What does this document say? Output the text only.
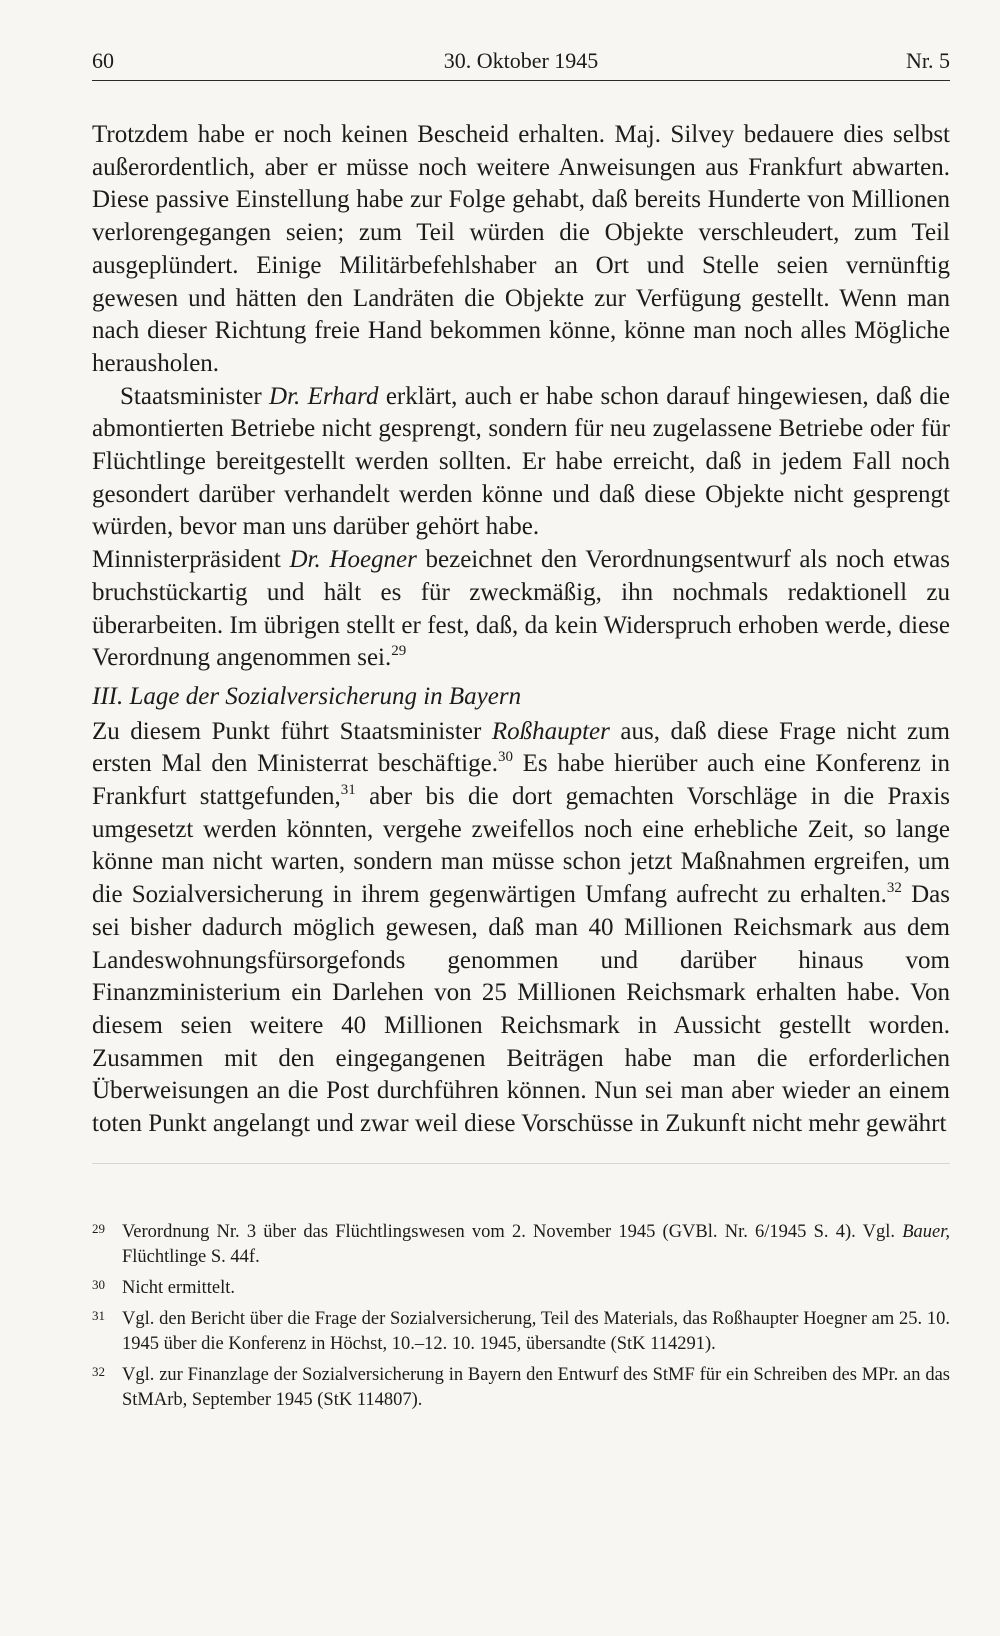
60	30. Oktober 1945	Nr. 5

Trotzdem habe er noch keinen Bescheid erhalten. Maj. Silvey bedauere dies selbst außerordentlich, aber er müsse noch weitere Anweisungen aus Frankfurt abwarten. Diese passive Einstellung habe zur Folge gehabt, daß bereits Hunderte von Millionen verlorengegangen seien; zum Teil würden die Objekte verschleudert, zum Teil ausgeplündert. Einige Militärbefehlshaber an Ort und Stelle seien vernünftig gewesen und hätten den Landräten die Objekte zur Verfügung gestellt. Wenn man nach dieser Richtung freie Hand bekommen könne, könne man noch alles Mögliche herausholen.

Staatsminister Dr. Erhard erklärt, auch er habe schon darauf hingewiesen, daß die abmontierten Betriebe nicht gesprengt, sondern für neu zugelassene Betriebe oder für Flüchtlinge bereitgestellt werden sollten. Er habe erreicht, daß in jedem Fall noch gesondert darüber verhandelt werden könne und daß diese Objekte nicht gesprengt würden, bevor man uns darüber gehört habe.

Minnisterpräsident Dr. Hoegner bezeichnet den Verordnungsentwurf als noch etwas bruchstückartig und hält es für zweckmäßig, ihn nochmals redaktionell zu überarbeiten. Im übrigen stellt er fest, daß, da kein Widerspruch erhoben werde, diese Verordnung angenommen sei.$^{29}$

III. Lage der Sozialversicherung in Bayern

Zu diesem Punkt führt Staatsminister Roßhaupter aus, daß diese Frage nicht zum ersten Mal den Ministerrat beschäftige.$^{30}$ Es habe hierüber auch eine Konferenz in Frankfurt stattgefunden,$^{31}$ aber bis die dort gemachten Vorschläge in die Praxis umgesetzt werden könnten, vergehe zweifellos noch eine erhebliche Zeit, so lange könne man nicht warten, sondern man müsse schon jetzt Maßnahmen ergreifen, um die Sozialversicherung in ihrem gegenwärtigen Umfang aufrecht zu erhalten.$^{32}$ Das sei bisher dadurch möglich gewesen, daß man 40 Millionen Reichsmark aus dem Landeswohnungsfürsorgefonds genommen und darüber hinaus vom Finanzministerium ein Darlehen von 25 Millionen Reichsmark erhalten habe. Von diesem seien weitere 40 Millionen Reichsmark in Aussicht gestellt worden. Zusammen mit den eingegangenen Beiträgen habe man die erforderlichen Überweisungen an die Post durchführen können. Nun sei man aber wieder an einem toten Punkt angelangt und zwar weil diese Vorschüsse in Zukunft nicht mehr gewährt

29 Verordnung Nr. 3 über das Flüchtlingswesen vom 2. November 1945 (GVBl. Nr. 6/1945 S. 4). Vgl. Bauer, Flüchtlinge S. 44f.
30 Nicht ermittelt.
31 Vgl. den Bericht über die Frage der Sozialversicherung, Teil des Materials, das Roßhaupter Hoegner am 25. 10. 1945 über die Konferenz in Höchst, 10.–12. 10. 1945, übersandte (StK 114291).
32 Vgl. zur Finanzlage der Sozialversicherung in Bayern den Entwurf des StMF für ein Schreiben des MPr. an das StMArb, September 1945 (StK 114807).
